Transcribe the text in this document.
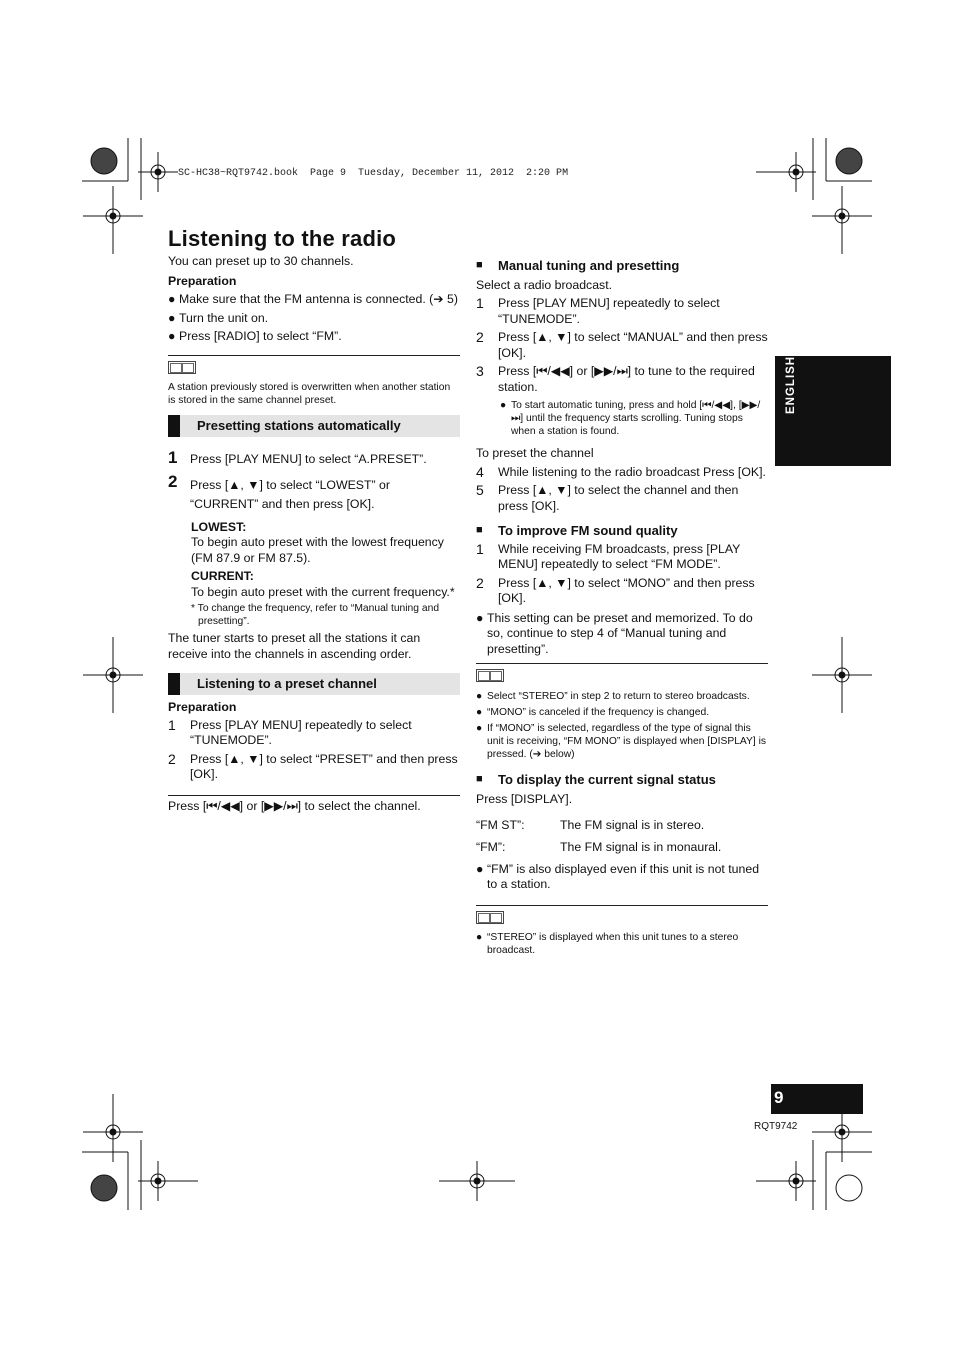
SC-HC38~RQT9742.book  Page 9  Tuesday, December 11, 2012  2:20 PM
Listening to the radio
ENGLISH

You can preset up to 30 channels.

Preparation

● Make sure that the FM antenna is connected. (➔ 5)
● Turn the unit on.
● Press [RADIO] to select “FM”.

A station previously stored is overwritten when another station is stored in the same channel preset.

Presetting stations automatically
1	Press [PLAY MENU] to select “A.PRESET”.
2	Press [▲, ▼] to select “LOWEST” or “CURRENT” and then press [OK].

LOWEST:

To begin auto preset with the lowest frequency (FM 87.9 or FM 87.5).

CURRENT:

To begin auto preset with the current frequency.*

* To change the frequency, refer to “Manual tuning and presetting”.

The tuner starts to preset all the stations it can receive into the channels in ascending order.

Listening to a preset channel

Preparation

1	Press [PLAY MENU] repeatedly to select “TUNEMODE”.
2	Press [▲, ▼] to select “PRESET” and then press [OK].

Press [⏮/◀◀] or [▶▶/⏭] to select the channel.

■	Manual tuning and presetting

Select a radio broadcast.

1	Press [PLAY MENU] repeatedly to select “TUNEMODE”.
2	Press [▲, ▼] to select “MANUAL” and then press [OK].
3	Press [⏮/◀◀] or [▶▶/⏭] to tune to the required station.
● To start automatic tuning, press and hold [⏮/◀◀], [▶▶/⏭] until the frequency starts scrolling. Tuning stops when a station is found.

To preset the channel

4	While listening to the radio broadcast Press [OK].
5	Press [▲, ▼] to select the channel and then press [OK].
■	To improve FM sound quality
1	While receiving FM broadcasts, press [PLAY MENU] repeatedly to select “FM MODE”.
2	Press [▲, ▼] to select “MONO” and then press [OK].
● This setting can be preset and memorized. To do so, continue to step 4 of “Manual tuning and presetting”.
● Select “STEREO” in step 2 to return to stereo broadcasts.
● “MONO” is canceled if the frequency is changed.
● If “MONO” is selected, regardless of the type of signal this unit is receiving, “FM MONO” is displayed when [DISPLAY] is pressed. (➔ below)
■	To display the current signal status

Press [DISPLAY].

“FM ST”:	The FM signal is in stereo.
“FM”:	The FM signal is in monaural.
● “FM” is also displayed even if this unit is not tuned to a station.
● “STEREO” is displayed when this unit tunes to a stereo broadcast.
9
RQT9742
